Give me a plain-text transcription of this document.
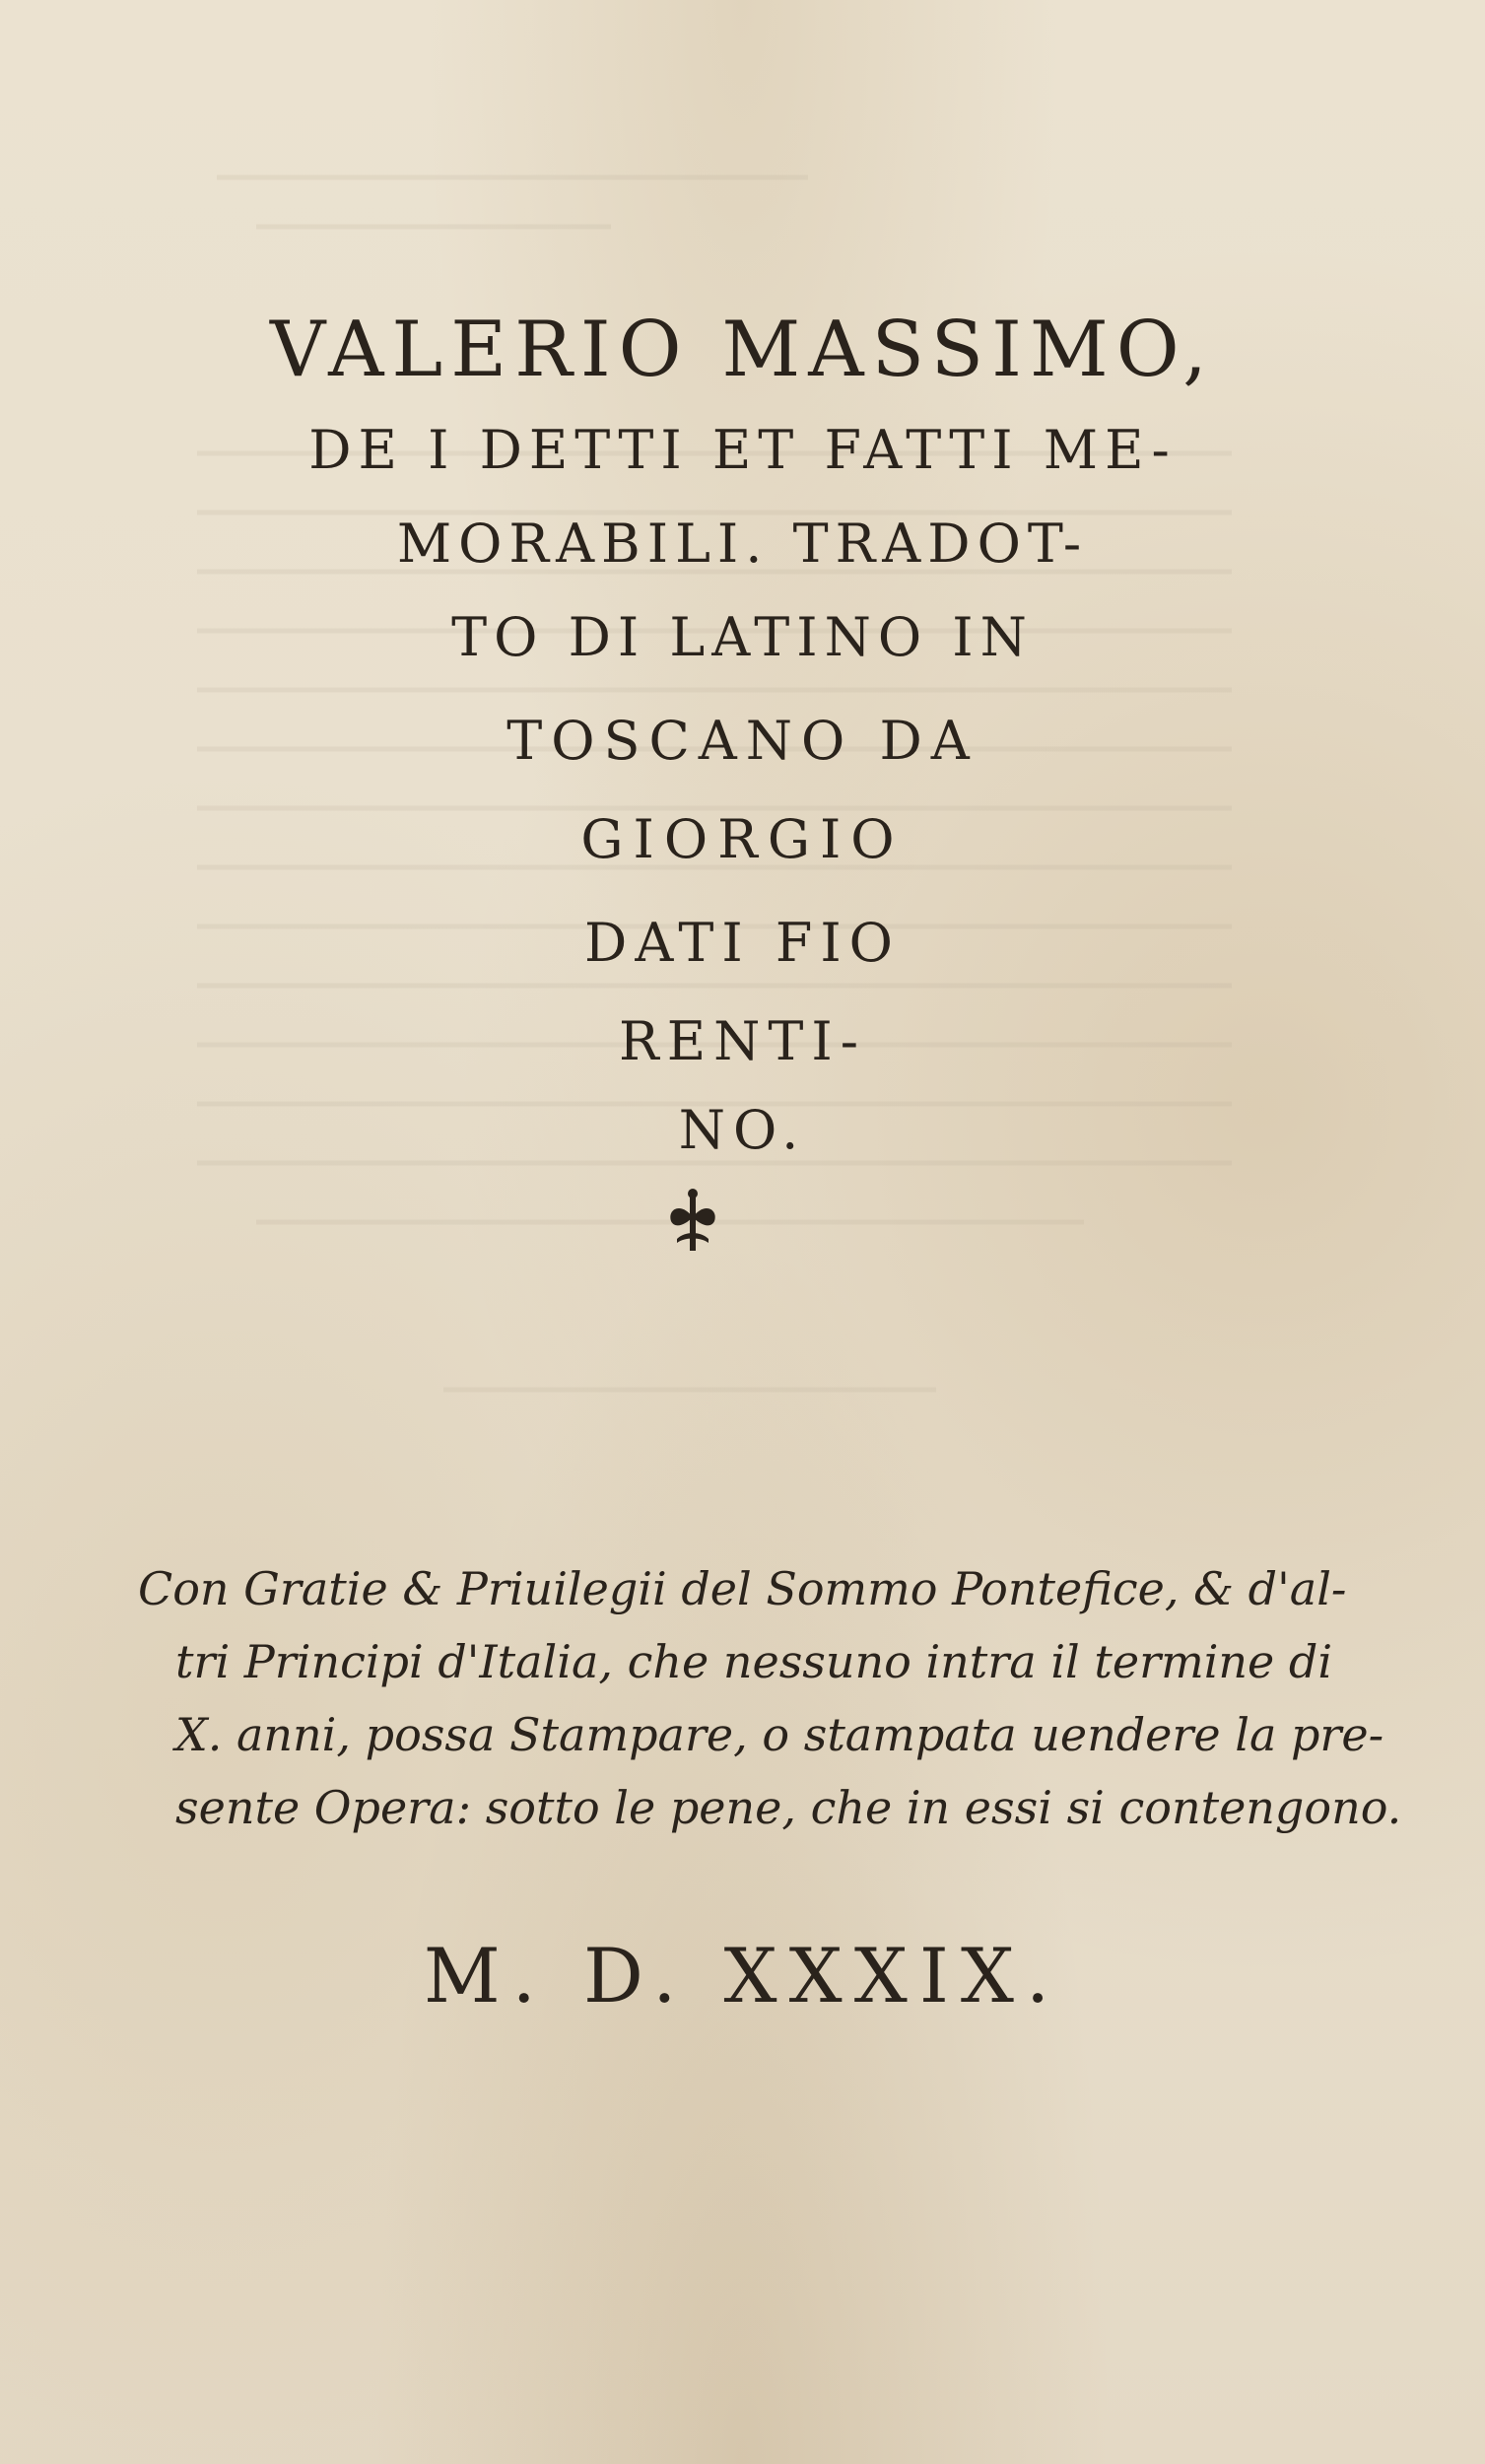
VALERIO MASSIMO,
DE I DETTI ET FATTI ME-
MORABILI. TRADOT-
TO DI LATINO IN
TOSCANO DA
GIORGIO
DATI FIO
RENTI-
NO.
Con Gratie & Priuilegii del Sommo Pontefice, & d'al-
tri Principi d'Italia, che nessuno intra il termine di
X. anni, possa Stampare, o stampata uendere la pre-
sente Opera: sotto le pene, che in essi si contengono.
M. D. XXXIX.
